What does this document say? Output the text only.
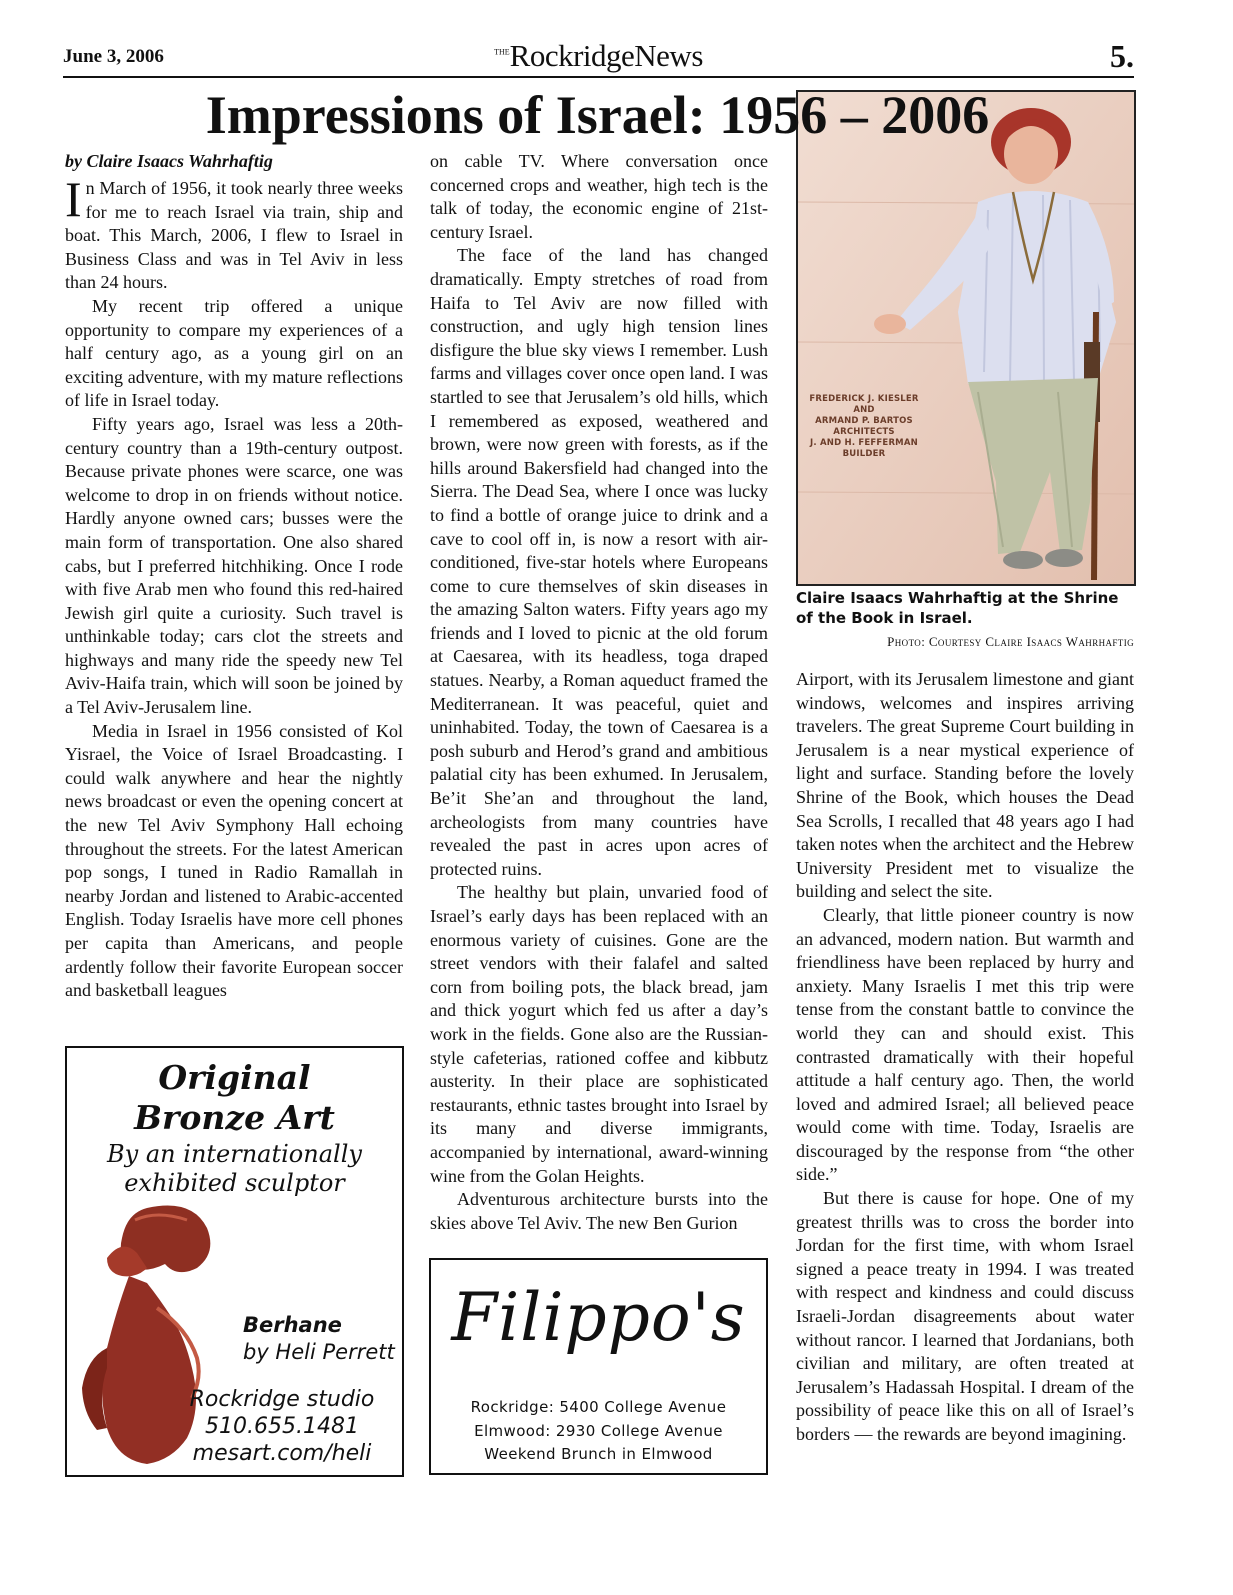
June 3, 2006	$^{THE}$RockridgeNews	5.
FREDERICK J. KIESLER
AND
ARMAND P. BARTOS
ARCHITECTS
J. AND H. FEFFERMAN
BUILDER
Impressions of Israel: 1956 – 2006
Claire Isaacs Wahrhaftig at the Shrine of the Book in Israel.
Photo: Courtesy Claire Isaacs Wahrhaftig
by Claire Isaacs Wahrhaftig

In March of 1956, it took nearly three weeks for me to reach Israel via train, ship and boat. This March, 2006, I flew to Israel in Business Class and was in Tel Aviv in less than 24 hours.

My recent trip offered a unique opportunity to compare my experiences of a half century ago, as a young girl on an exciting adventure, with my mature reflections of life in Israel today.

Fifty years ago, Israel was less a 20th-century country than a 19th-century outpost. Because private phones were scarce, one was welcome to drop in on friends without notice. Hardly anyone owned cars; busses were the main form of transportation. One also shared cabs, but I preferred hitchhiking. Once I rode with five Arab men who found this red-haired Jewish girl quite a curiosity. Such travel is unthinkable today; cars clot the streets and highways and many ride the speedy new Tel Aviv-Haifa train, which will soon be joined by a Tel Aviv-Jerusalem line.

Media in Israel in 1956 consisted of Kol Yisrael, the Voice of Israel Broadcasting. I could walk anywhere and hear the nightly news broadcast or even the opening concert at the new Tel Aviv Symphony Hall echoing throughout the streets. For the latest American pop songs, I tuned in Radio Ramallah in nearby Jordan and listened to Arabic-accented English. Today Israelis have more cell phones per capita than Americans, and people ardently follow their favorite European soccer and basketball leagues

on cable TV. Where conversation once concerned crops and weather, high tech is the talk of today, the economic engine of 21st-century Israel.

The face of the land has changed dramatically. Empty stretches of road from Haifa to Tel Aviv are now filled with construction, and ugly high tension lines disfigure the blue sky views I remember. Lush farms and villages cover once open land. I was startled to see that Jerusalem’s old hills, which I remembered as exposed, weathered and brown, were now green with forests, as if the hills around Bakersfield had changed into the Sierra. The Dead Sea, where I once was lucky to find a bottle of orange juice to drink and a cave to cool off in, is now a resort with air-conditioned, five-star hotels where Europeans come to cure themselves of skin diseases in the amazing Salton waters. Fifty years ago my friends and I loved to picnic at the old forum at Caesarea, with its headless, toga draped statues. Nearby, a Roman aqueduct framed the Mediterranean. It was peaceful, quiet and uninhabited. Today, the town of Caesarea is a posh suburb and Herod’s grand and ambitious palatial city has been exhumed. In Jerusalem, Be’it She’an and throughout the land, archeologists from many countries have revealed the past in acres upon acres of protected ruins.

The healthy but plain, unvaried food of Israel’s early days has been replaced with an enormous variety of cuisines. Gone are the street vendors with their falafel and salted corn from boiling pots, the black bread, jam and thick yogurt which fed us after a day’s work in the fields. Gone also are the Russian-style cafeterias, rationed coffee and kibbutz austerity. In their place are sophisticated restaurants, ethnic tastes brought into Israel by its many and diverse immigrants, accompanied by international, award-winning wine from the Golan Heights.

Adventurous architecture bursts into the skies above Tel Aviv. The new Ben Gurion

Airport, with its Jerusalem limestone and giant windows, welcomes and inspires arriving travelers. The great Supreme Court building in Jerusalem is a near mystical experience of light and surface. Standing before the lovely Shrine of the Book, which houses the Dead Sea Scrolls, I recalled that 48 years ago I had taken notes when the architect and the Hebrew University President met to visualize the building and select the site.

Clearly, that little pioneer country is now an advanced, modern nation. But warmth and friendliness have been replaced by hurry and anxiety. Many Israelis I met this trip were tense from the constant battle to convince the world they can and should exist. This contrasted dramatically with their hopeful attitude a half century ago. Then, the world loved and admired Israel; all believed peace would come with time. Today, Israelis are discouraged by the response from “the other side.”

But there is cause for hope. One of my greatest thrills was to cross the border into Jordan for the first time, with whom Israel signed a peace treaty in 1994. I was treated with respect and kindness and could discuss Israeli-Jordan disagreements about water without rancor. I learned that Jordanians, both civilian and military, are often treated at Jerusalem’s Hadassah Hospital. I dream of the possibility of peace like this on all of Israel’s borders — the rewards are beyond imagining.

Original
Bronze Art
By an internationally
exhibited sculptor
Berhane
by Heli Perrett
Rockridge studio
510.655.1481
mesart.com/heli
Filippo's
Rockridge: 5400 College Avenue
Elmwood: 2930 College Avenue
Weekend Brunch in Elmwood
